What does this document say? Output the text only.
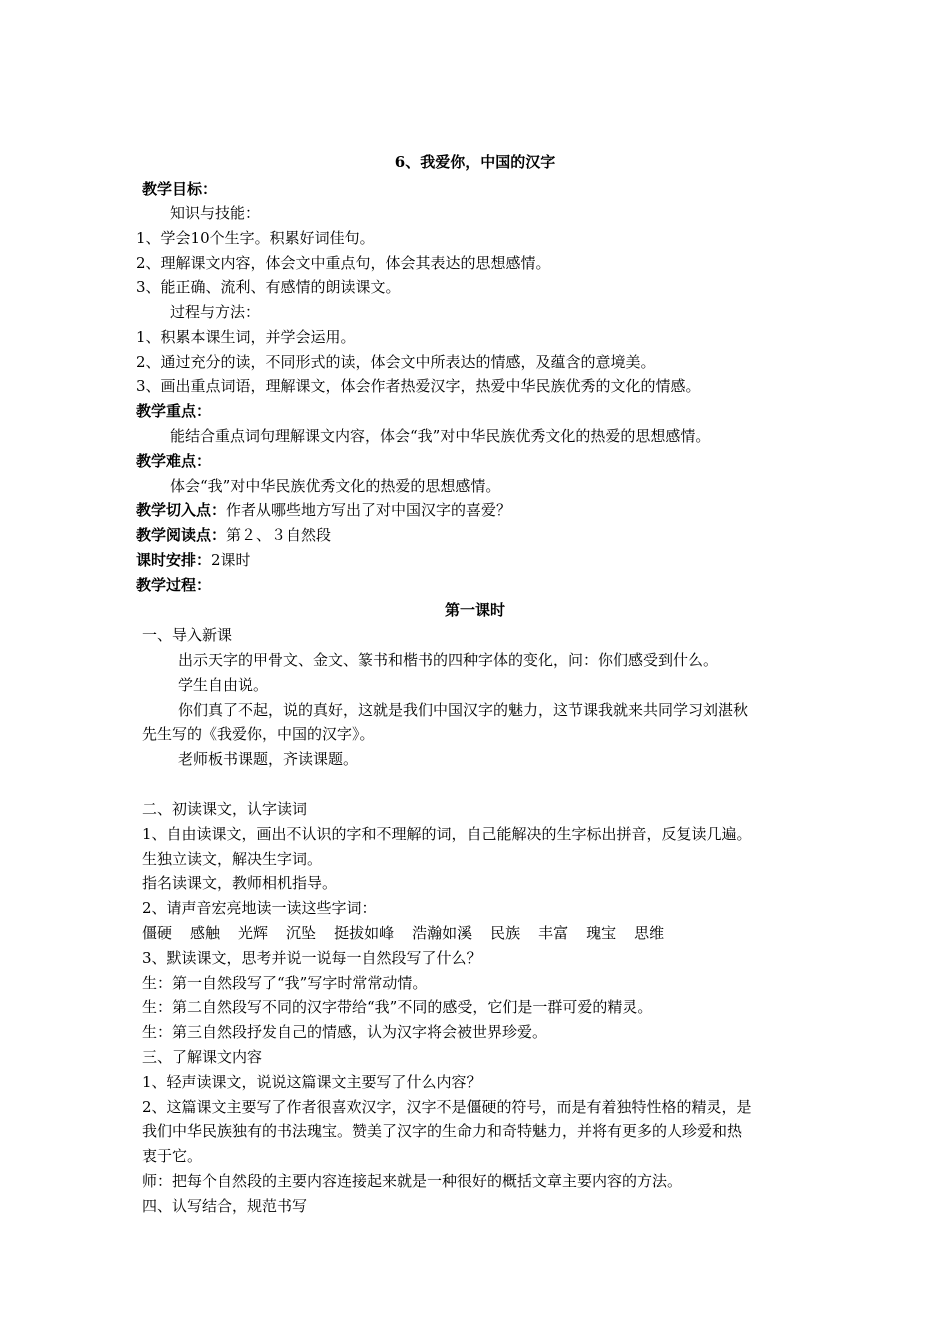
6、我爱你，中国的汉字
教学目标：
知识与技能：
1、学会10个生字。积累好词佳句。
2、理解课文内容，体会文中重点句，体会其表达的思想感情。
3、能正确、流利、有感情的朗读课文。
过程与方法：
1、积累本课生词，并学会运用。
2、通过充分的读，不同形式的读，体会文中所表达的情感，及蕴含的意境美。
3、画出重点词语，理解课文，体会作者热爱汉字，热爱中华民族优秀的文化的情感。
教学重点：
能结合重点词句理解课文内容，体会“我”对中华民族优秀文化的热爱的思想感情。
教学难点：
体会“我”对中华民族优秀文化的热爱的思想感情。
教学切入点：作者从哪些地方写出了对中国汉字的喜爱？
教学阅读点：第２、３自然段
课时安排：2课时
教学过程：
第一课时
一、导入新课
出示天字的甲骨文、金文、篆书和楷书的四种字体的变化，问：你们感受到什么。
学生自由说。
你们真了不起，说的真好，这就是我们中国汉字的魅力，这节课我就来共同学习刘湛秋
先生写的《我爱你，中国的汉字》。
老师板书课题，齐读课题。
二、初读课文，认字读词
1、自由读课文，画出不认识的字和不理解的词，自己能解决的生字标出拼音，反复读几遍。
生独立读文，解决生字词。
指名读课文，教师相机指导。
2、请声音宏亮地读一读这些字词：
僵硬 感触 光辉 沉坠 挺拔如峰 浩瀚如溪 民族 丰富 瑰宝 思维
3、默读课文，思考并说一说每一自然段写了什么？
生：第一自然段写了“我”写字时常常动情。
生：第二自然段写不同的汉字带给“我”不同的感受，它们是一群可爱的精灵。
生：第三自然段抒发自己的情感，认为汉字将会被世界珍爱。
三、了解课文内容
1、轻声读课文，说说这篇课文主要写了什么内容？
2、这篇课文主要写了作者很喜欢汉字，汉字不是僵硬的符号，而是有着独特性格的精灵，是
我们中华民族独有的书法瑰宝。赞美了汉字的生命力和奇特魅力，并将有更多的人珍爱和热
衷于它。
师：把每个自然段的主要内容连接起来就是一种很好的概括文章主要内容的方法。
四、认写结合，规范书写
